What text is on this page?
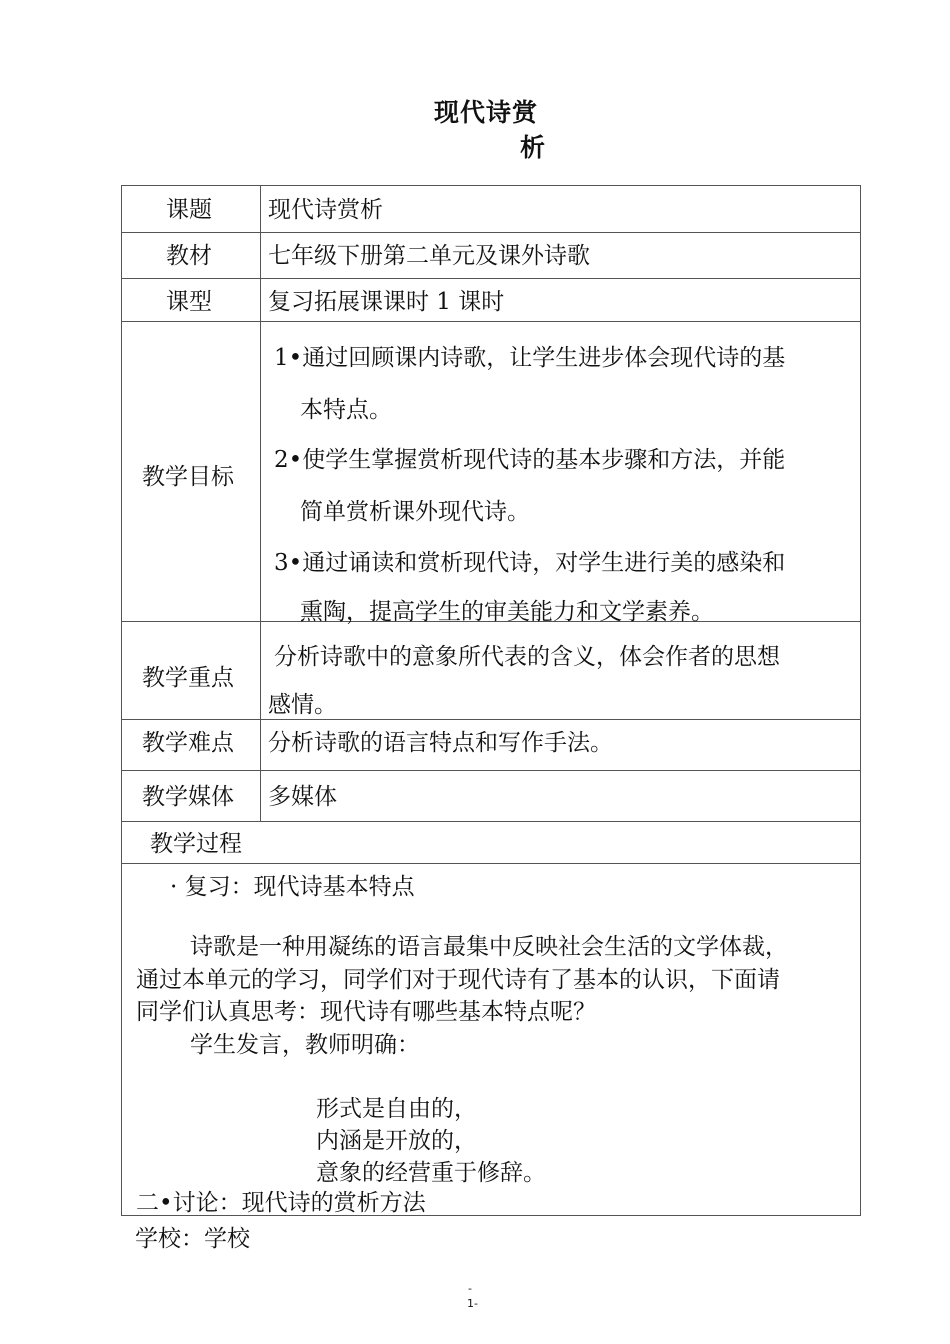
现代诗赏
析
课题 现代诗赏析
教材 七年级下册第二单元及课外诗歌
课型 复习拓展课课时 1 课时
教学目标
1•通过回顾课内诗歌，让学生进步体会现代诗的基
本特点。
2•使学生掌握赏析现代诗的基本步骤和方法，并能
简单赏析课外现代诗。
3•通过诵读和赏析现代诗，对学生进行美的感染和
熏陶，提高学生的审美能力和文学素养。
教学重点
分析诗歌中的意象所代表的含义，体会作者的思想
感情。
教学难点 分析诗歌的语言特点和写作手法。
教学媒体 多媒体
教学过程
· 复习：现代诗基本特点
诗歌是一种用凝练的语言最集中反映社会生活的文学体裁，
通过本单元的学习，同学们对于现代诗有了基本的认识，下面请
同学们认真思考：现代诗有哪些基本特点呢？
学生发言，教师明确：
形式是自由的，
内涵是开放的，
意象的经营重于修辞。
二•讨论：现代诗的赏析方法
学校：学校
-
1-
